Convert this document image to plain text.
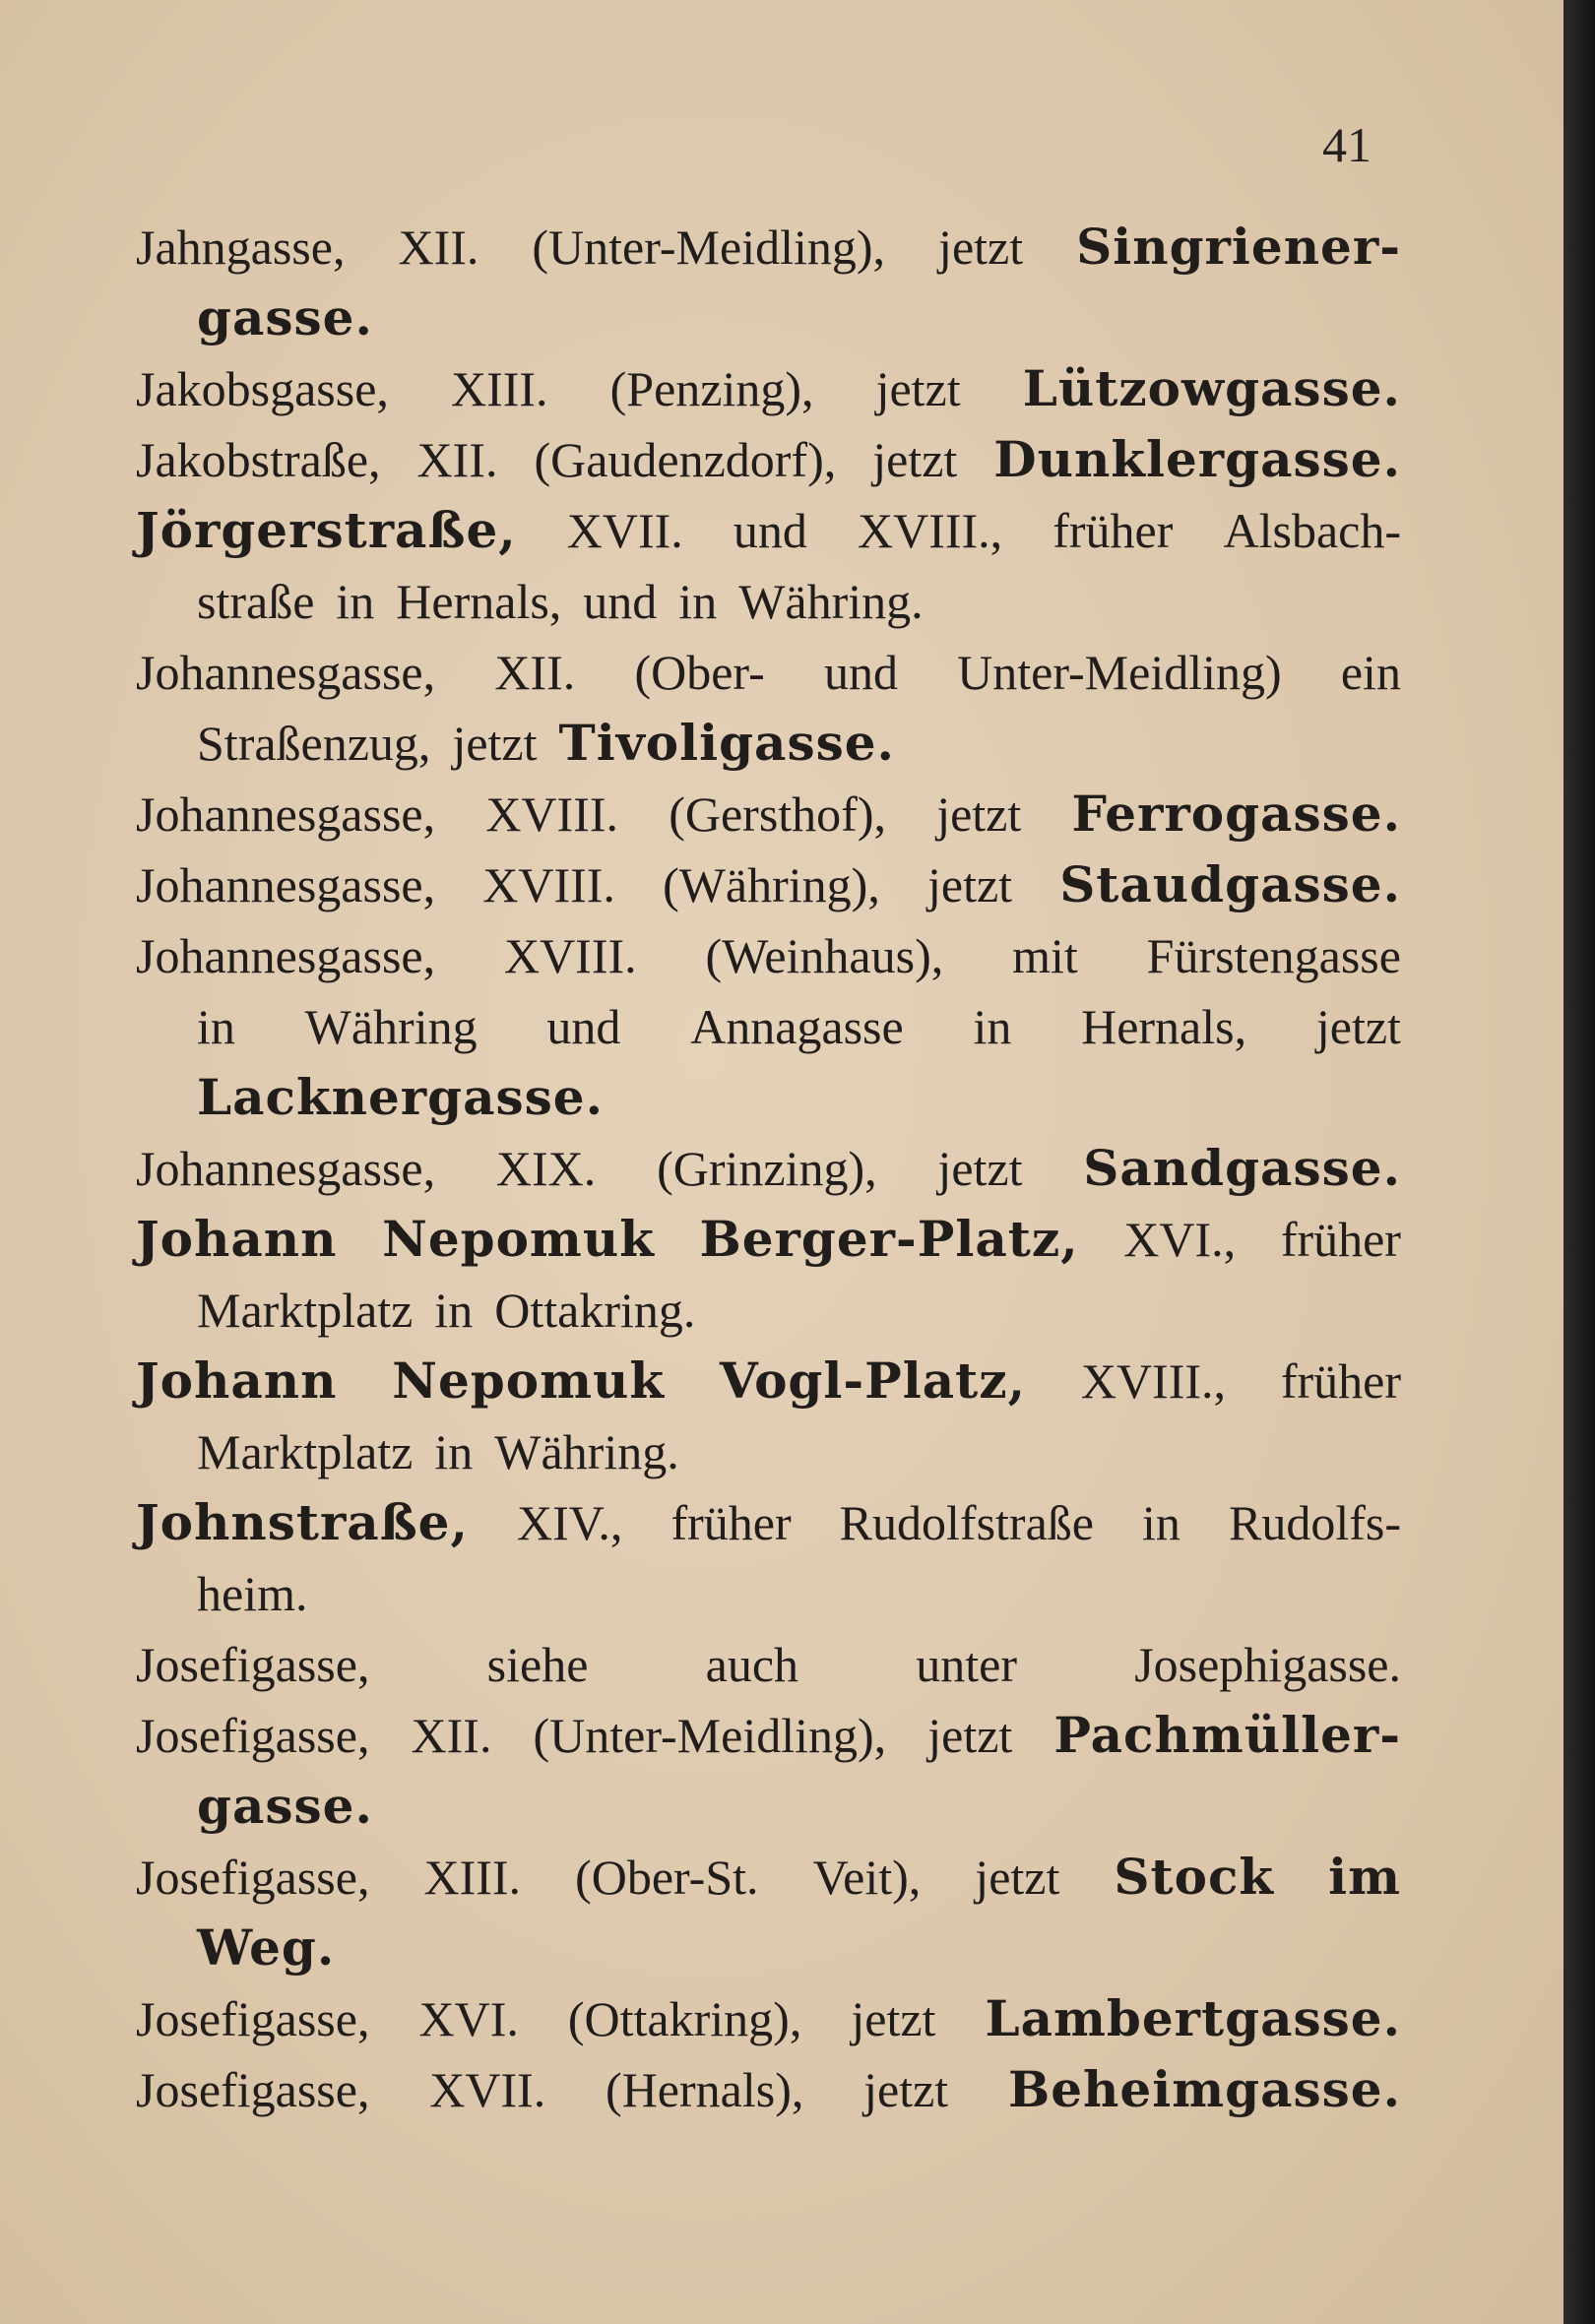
41
Jahngasse, XII. (Unter-Meidling), jetzt Singriener-
gasse.
Jakobsgasse, XIII. (Penzing), jetzt Lützowgasse.
Jakobstraße, XII. (Gaudenzdorf), jetzt Dunklergasse.
Jörgerstraße, XVII. und XVIII., früher Alsbach-
straße in Hernals, und in Währing.
Johannesgasse, XII. (Ober- und Unter-Meidling) ein
Straßenzug, jetzt Tivoligasse.
Johannesgasse, XVIII. (Gersthof), jetzt Ferrogasse.
Johannesgasse, XVIII. (Währing), jetzt Staudgasse.
Johannesgasse, XVIII. (Weinhaus), mit Fürstengasse
in Währing und Annagasse in Hernals, jetzt
Lacknergasse.
Johannesgasse, XIX. (Grinzing), jetzt Sandgasse.
Johann Nepomuk Berger-Platz, XVI., früher
Marktplatz in Ottakring.
Johann Nepomuk Vogl-Platz, XVIII., früher
Marktplatz in Währing.
Johnstraße, XIV., früher Rudolfstraße in Rudolfs-
heim.
Josefigasse, siehe auch unter Josephigasse.
Josefigasse, XII. (Unter-Meidling), jetzt Pachmüller-
gasse.
Josefigasse, XIII. (Ober-St. Veit), jetzt Stock im
Weg.
Josefigasse, XVI. (Ottakring), jetzt Lambertgasse.
Josefigasse, XVII. (Hernals), jetzt Beheimgasse.
